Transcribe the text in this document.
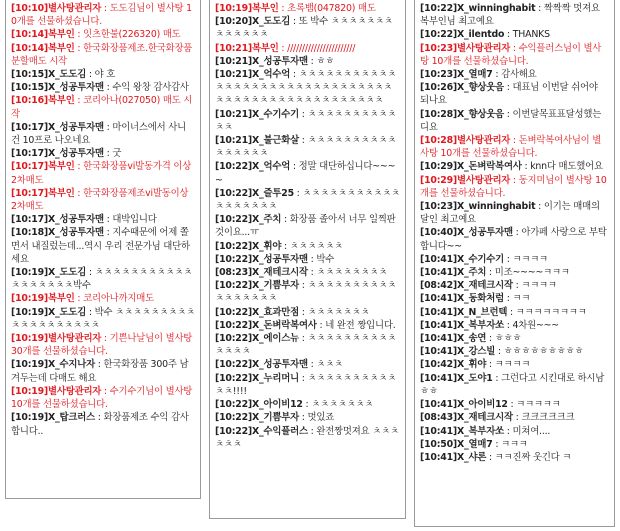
[10:10]별사탕관리자 : 도도김님이 별사탕 10개를 선물하셨습니다.
[10:14]복부인 : 잇츠한불(226320) 매도
[10:14]복부인 : 한국화장품제조.한국화장품 분할매도 시작
[10:15]X_도도김 : 야 호
[10:15]X_성공투자맨 : 수익 왕창 감사감사
[10:16]복부인 : 코리아나(027050) 매도 시작
[10:17]X_성공투자맨 : 마이너스에서 사니 건 10프로 나오네요
[10:17]X_성공투자맨 : 굿
[10:17]복부인 : 한국화장품vi발동가격 이상 2차매도
[10:17]복부인 : 한국화장품제조vi발동이상 2차매도
[10:17]X_성공투자맨 : 대박입니다
[10:18]X_성공투자맨 : 지수때문에 어제 쫄면서 내질렀는데...역시 우리 전문가님 대단하세요
[10:19]X_도도김 : ㅊㅊㅊㅊㅊㅊㅊㅊㅊㅊㅊㅊㅊㅊㅊㅊㅊㅊ박수
[10:19]복부인 : 코리아나까지매도
[10:19]X_도도김 : 박수 ㅊㅊㅊㅊㅊㅊㅊㅊㅊㅊㅊㅊㅊㅊㅊㅊㅊㅊㅊ
[10:19]별사탕관리자 : 기쁜나날님이 별사탕 30개를 선물하셨습니다.
[10:19]X_수지나자 : 한국화장품 300주 남겨두는데 다매도 해요
[10:19]별사탕관리자 : 수기수기님이 별사탕 10개를 선물하셨습니다.
[10:19]X_탑크러스 : 화장품제조 수익 감사합니다..
[10:19]복부인 : 초록뱀(047820) 매도
[10:20]X_도도김 : 또 박수 ㅊㅊㅊㅊㅊㅊㅊㅊㅊㅊㅊㅊㅊ
[10:21]복부인 : ///////////////////////
[10:21]X_성공투자맨 : ㅎㅎ
[10:21]X_억수억 : ㅊㅊㅊㅊㅊㅊㅊㅊㅊㅊㅊㅊㅊㅊㅊㅊㅊㅊㅊㅊㅊㅊㅊㅊㅊㅊㅊㅊㅊㅊㅊㅊㅊㅊㅊㅊㅊㅊㅊㅊㅊㅊㅊㅊㅊㅊㅊㅊㅊㅊ
[10:21]X_수기수기 : ㅊㅊㅊㅊㅊㅊㅊㅊㅊㅊㅊㅊ
[10:21]X_불근화살 : ㅊㅊㅊㅊㅊㅊㅊㅊㅊㅊㅊㅊㅊㅊㅊㅊ
[10:22]X_억수억 : 정말 대단하십니다~~~~
[10:22]X_즐투25 : ㅊㅊㅊㅊㅊㅊㅊㅊㅊㅊㅊㅊㅊㅊㅊㅊㅊㅊ
[10:22]X_주치 : 화장품 졸아서 너무 일찍판것이요...ㅠ
[10:22]X_휘야 : ㅊㅊㅊㅊㅊㅊ
[10:22]X_성공투자맨 : 박수
[08:23]X_재테크시작 : ㅊㅊㅊㅊㅊㅊㅊㅊ
[10:22]X_기쁨부자 : ㅊㅊㅊㅊㅊㅊㅊㅊㅊㅊㅊㅊㅊㅊㅊㅊㅊ
[10:22]X_효과만점 : ㅊㅊㅊㅊㅊㅊㅊ
[10:22]X_돈벼락복여사 : 네 완전 짱입니다.
[10:22]X_에이스뉴 : ㅊㅊㅊㅊㅊㅊㅊㅊㅊㅊㅊㅊㅊㅊ
[10:22]X_성공투자맨 : ㅊㅊㅊ
[10:22]X_누리머니 : ㅊㅊㅊㅊㅊㅊㅊㅊㅊㅊㅊㅊ!!!!
[10:22]X_아이비12 : ㅊㅊㅊㅊㅊㅊㅊ
[10:22]X_기쁨부자 : 멋있죠
[10:22]X_수익플러스 : 완전짱멋져요 ㅊㅊㅊㅊㅊㅊ
[10:22]X_winninghabit : 짝짝짝 멋져요 복부인님 최고예요
[10:22]X_ilentdo : THANKS
[10:23]별사탕관리자 : 수익플러스님이 별사탕 10개를 선물하셨습니다.
[10:23]X_열매7 : 감사해요
[10:26]X_향상웃음 : 대표님 이번달 쉬어야 되나요
[10:28]X_향상웃음 : 이번달목표표달성했는디요
[10:28]별사탕관리자 : 돈벼락복여사님이 별사탕 10개를 선물하셨습니다.
[10:29]X_돈벼락복여사 : knn다 매도했어요
[10:29]별사탕관리자 : 동지미님이 별사탕 10개를 선물하셨습니다.
[10:23]X_winninghabit : 이기는 매매의 달인 최고예요
[10:40]X_성공투자맨 : 아가페 사랑으로 부탁합니다~~
[10:41]X_수기수기 : ㅋㅋㅋㅋ
[10:41]X_주치 : 미조~~~~ㅋㅋㅋ
[08:42]X_재테크시작 : ㅋㅋㅋㅋ
[10:41]X_동화처럼 : ㅋㅋ
[10:41]X_N_브런텍 : ㅋㅋㅋㅋㅋㅋㅋㅋ
[10:41]X_복부자쏘 : 4차원~~~
[10:41]X_송연 : ㅎㅎㅎ
[10:41]X_강스빌 : ㅎㅎㅎㅎㅎㅎㅎㅎㅎ
[10:42]X_휘야 : ㅋㅋㅋㅋ
[10:41]X_도야1 : 그런다고 시킨대로 하시남ㅎㅎ
[10:41]X_아이비12 : ㅋㅋㅋㅋㅋ
[08:43]X_재테크시작 : 크크크크크크
[10:41]X_복부자쏘 : 미쳐여....
[10:50]X_열매7 : ㅋㅋㅋ
[10:41]X_샤론 : ㅋㅋ진짜 웃긴다 ㅋ
